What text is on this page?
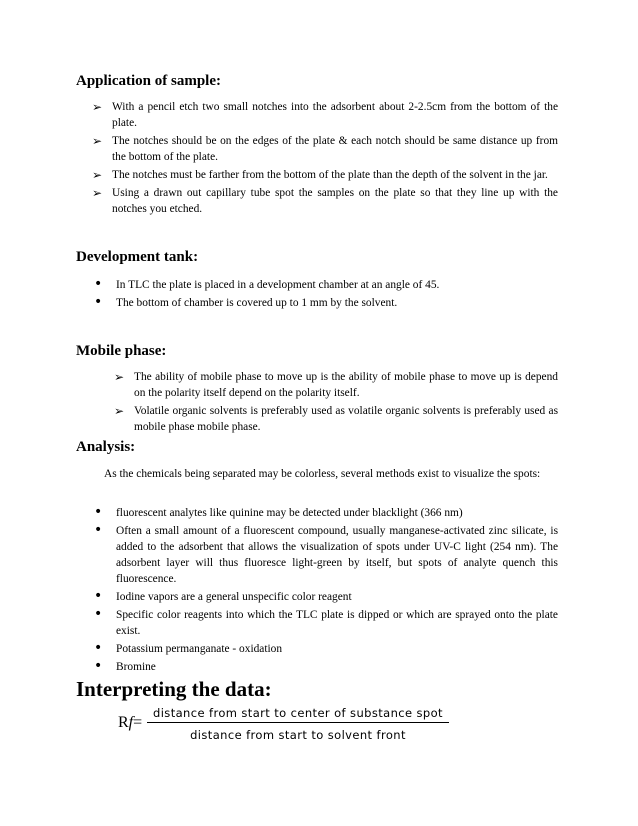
Application of sample:
➢ With a pencil etch two small notches into the adsorbent about 2-2.5cm from the bottom of the plate.
➢ The notches should be on the edges of the plate & each notch should be same distance up from the bottom of the plate.
➢ The notches must be farther from the bottom of the plate than the depth of the solvent in the jar.
➢ Using a drawn out capillary tube spot the samples on the plate so that they line up with the notches you etched.
Development tank:
• In TLC the plate is placed in a development chamber at an angle of 45.
• The bottom of chamber is covered up to 1 mm by the solvent.
Mobile phase:
➢ The ability of mobile phase to move up is the ability of mobile phase to move up is depend on the polarity itself depend on the polarity itself.
➢ Volatile organic solvents is preferably used as volatile organic solvents is preferably used as mobile phase mobile phase.
Analysis:

As the chemicals being separated may be colorless, several methods exist to visualize the spots:

• fluorescent analytes like quinine may be detected under blacklight (366 nm)
• Often a small amount of a fluorescent compound, usually manganese-activated zinc silicate, is added to the adsorbent that allows the visualization of spots under UV-C light (254 nm). The adsorbent layer will thus fluoresce light-green by itself, but spots of analyte quench this fluorescence.
• Iodine vapors are a general unspecific color reagent
• Specific color reagents into which the TLC plate is dipped or which are sprayed onto the plate exist.
• Potassium permanganate - oxidation
• Bromine
Interpreting the data:
Rf=
distance from start to center of substance spot
distance from start to solvent front
